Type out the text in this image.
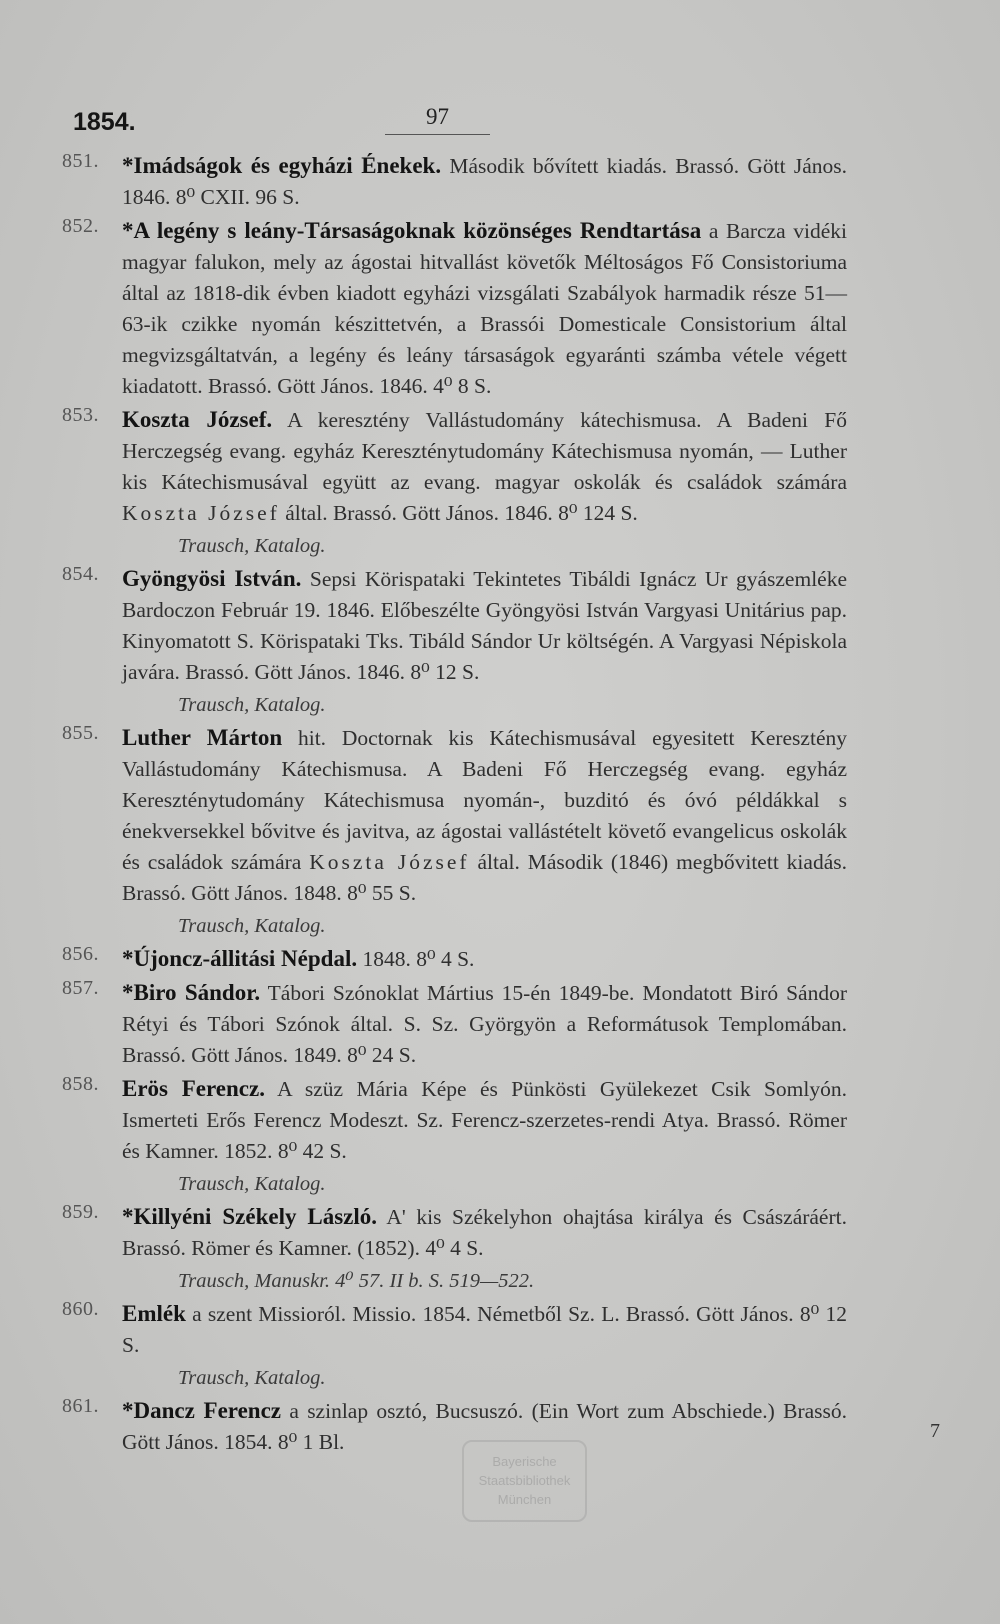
1854.	97
851. *Imádságok és egyházi Énekek. Második bővített kiadás. Brassó. Gött János. 1846. 8⁰ CXII. 96 S.
852. *A legény s leány-Társaságoknak közönséges Rendtartása a Barcza vidéki magyar falukon, mely az ágostai hitvallást követők Méltoságos Fő Consistoriuma által az 1818-dik évben kiadott egyházi vizsgálati Szabályok harmadik része 51—63-ik czikke nyomán készittetvén, a Brassói Domesticale Consistorium által megvizsgáltatván, a legény és leány társaságok egyaránti számba vétele végett kiadatott. Brassó. Gött János. 1846. 4⁰ 8 S.
853. Koszta József. A keresztény Vallástudomány kátechismusa. A Badeni Fő Herczegség evang. egyház Kereszténytudomány Kátechismusa nyomán, — Luther kis Kátechismusával együtt az evang. magyar oskolák és családok számára Koszta József által. Brassó. Gött János. 1846. 8⁰ 124 S.
Trausch, Katalog.
854. Gyöngyösi István. Sepsi Körispataki Tekintetes Tibáldi Ignácz Ur gyászemléke Bardoczon Február 19. 1846. Előbeszélte Gyöngyösi István Vargyasi Unitárius pap. Kinyomatott S. Körispataki Tks. Tibáld Sándor Ur költségén. A Vargyasi Népiskola javára. Brassó. Gött János. 1846. 8⁰ 12 S.
Trausch, Katalog.
855. Luther Márton hit. Doctornak kis Kátechismusával egyesitett Keresztény Vallástudomány Kátechismusa. A Badeni Fő Herczegség evang. egyház Kereszténytudomány Kátechismusa nyomán-, buzditó és óvó példákkal s énekversekkel bővitve és javitva, az ágostai vallástételt követő evangelicus oskolák és családok számára Koszta József által. Második (1846) megbővitett kiadás. Brassó. Gött János. 1848. 8⁰ 55 S.
Trausch, Katalog.
856. *Újoncz-állitási Népdal. 1848. 8⁰ 4 S.
857. *Biro Sándor. Tábori Szónoklat Mártius 15-én 1849-be. Mondatott Biró Sándor Rétyi és Tábori Szónok által. S. Sz. Györgyön a Reformátusok Templomában. Brassó. Gött János. 1849. 8⁰ 24 S.
858. Erös Ferencz. A szüz Mária Képe és Pünkösti Gyülekezet Csik Somlyón. Ismerteti Erős Ferencz Modeszt. Sz. Ferencz-szerzetes-rendi Atya. Brassó. Römer és Kamner. 1852. 8⁰ 42 S.
Trausch, Katalog.
859. *Killyéni Székely László. A' kis Székelyhon ohajtása királya és Császáráért. Brassó. Römer és Kamner. (1852). 4⁰ 4 S.
Trausch, Manuskr. 4⁰ 57. II b. S. 519—522.
860. Emlék a szent Missioról. Missio. 1854. Németből Sz. L. Brassó. Gött János. 8⁰ 12 S.
Trausch, Katalog.
861. *Dancz Ferencz a szinlap osztó, Bucsuszó. (Ein Wort zum Abschiede.) Brassó. Gött János. 1854. 8⁰ 1 Bl.	7
Bayerische
Staatsbibliothek
München
